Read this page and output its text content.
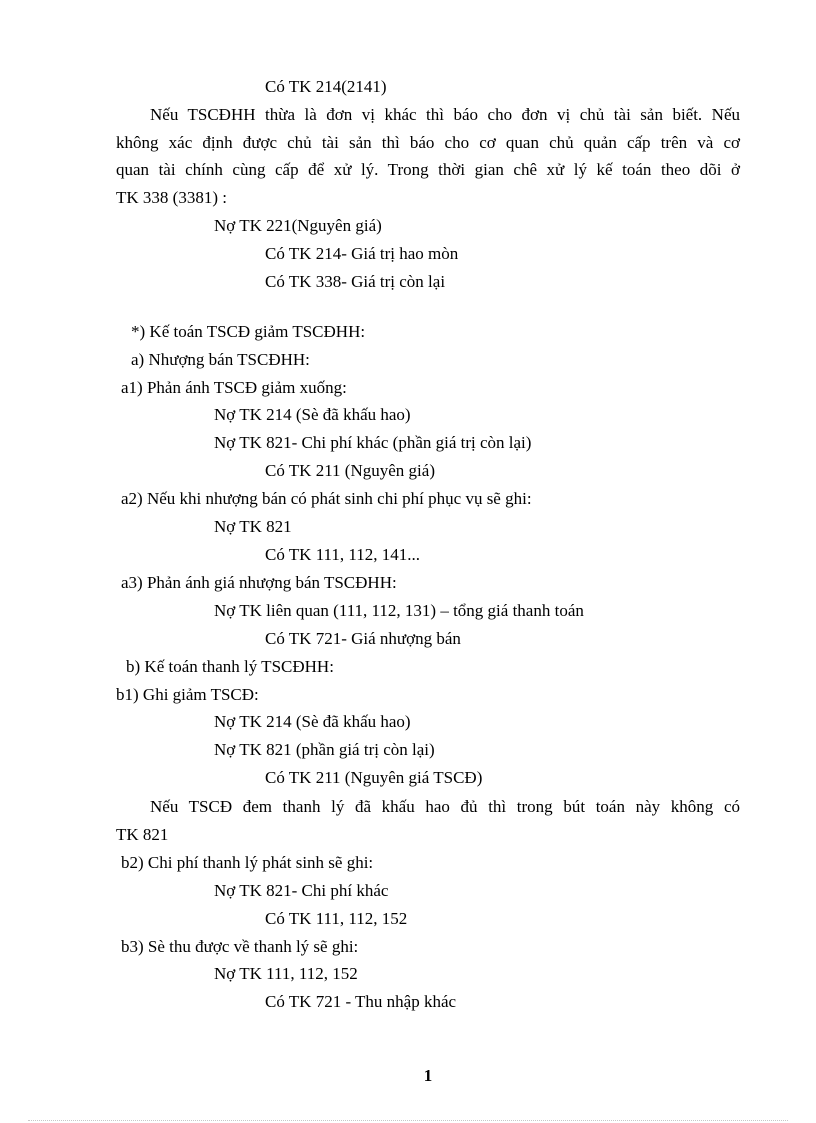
Có TK 214(2141)
Nếu TSCĐHH thừa là đơn vị khác thì báo cho đơn vị chủ tài sản biết. Nếu
không xác định được chủ tài sản thì báo cho cơ quan chủ quản cấp trên và cơ
quan tài chính cùng cấp để xử lý. Trong thời gian chê xử lý kế toán theo dõi ở
TK 338 (3381) :
Nợ TK 221(Nguyên giá)
Có TK 214- Giá trị hao mòn
Có TK 338- Giá trị còn lại
*) Kế toán TSCĐ giảm TSCĐHH:
a) Nhượng bán TSCĐHH:
a1) Phản ánh TSCĐ giảm xuống:
Nợ TK 214 (Sè đã khấu hao)
Nợ TK 821- Chi phí khác (phần giá trị còn lại)
Có TK 211 (Nguyên giá)
a2) Nếu khi nhượng bán có phát sinh chi phí phục vụ sẽ ghi:
Nợ TK 821
Có TK 111, 112, 141...
a3) Phản ánh giá nhượng bán TSCĐHH:
Nợ TK liên quan (111, 112, 131) – tổng giá thanh toán
Có TK 721- Giá nhượng bán
b) Kế toán thanh lý TSCĐHH:
b1) Ghi giảm TSCĐ:
Nợ TK 214 (Sè đã khấu hao)
Nợ TK 821 (phần giá trị còn lại)
Có TK 211 (Nguyên giá TSCĐ)
Nếu TSCĐ đem thanh lý đã khấu hao đủ thì trong bút toán này không có
TK 821
b2) Chi phí thanh lý phát sinh sẽ ghi:
Nợ TK 821- Chi phí khác
Có TK 111, 112, 152
b3) Sè thu được về thanh lý sẽ ghi:
Nợ TK 111, 112, 152
Có TK 721 - Thu nhập khác
1
